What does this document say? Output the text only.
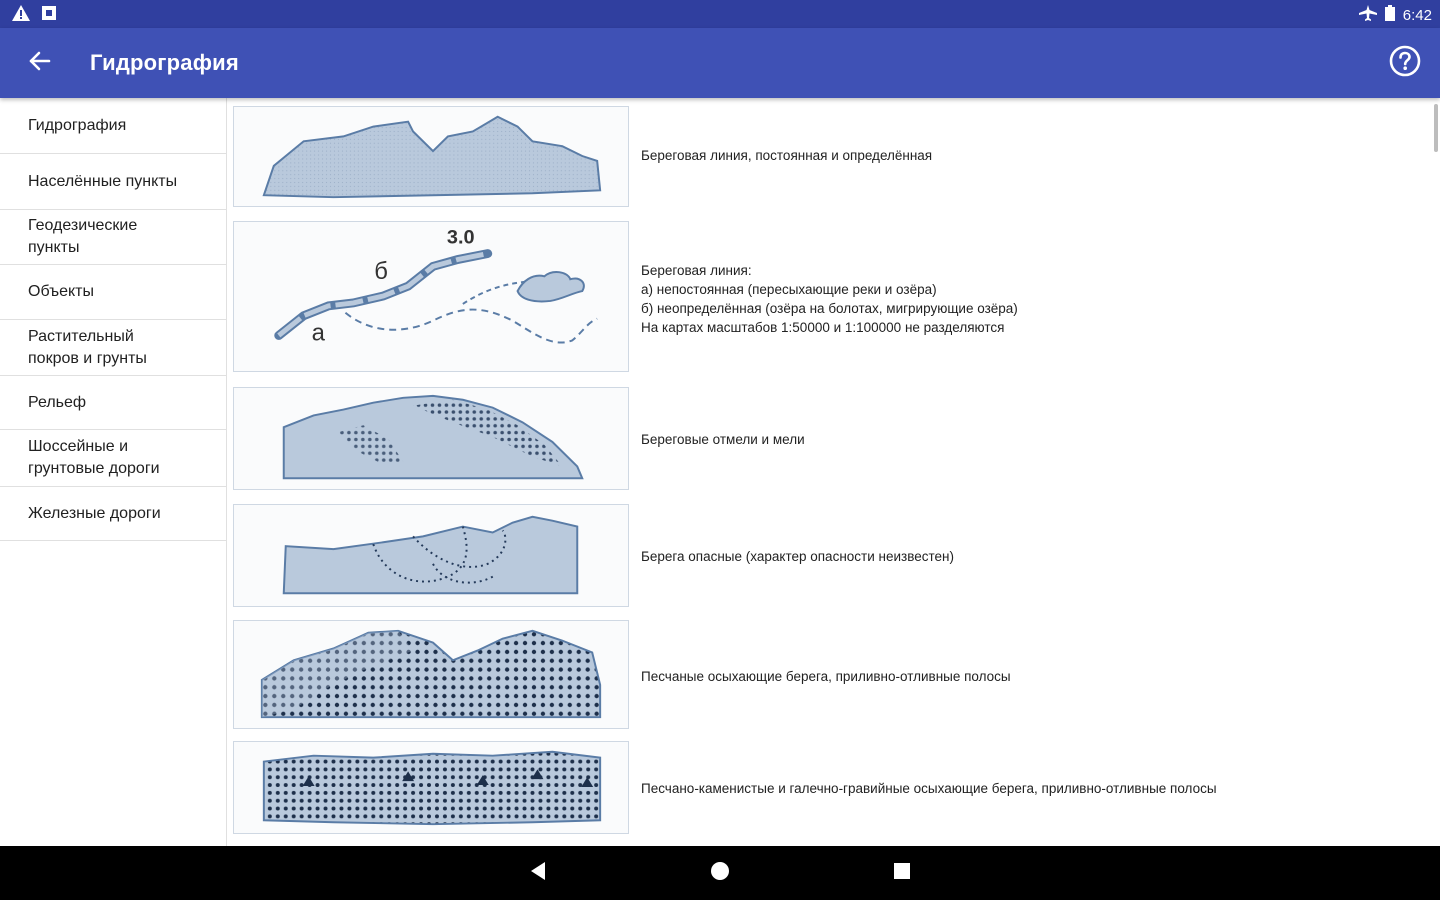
6:42
Гидрография
Гидрография
Населённые пункты
Геодезические пункты
Объекты
Растительный покров и грунты
Рельеф
Шоссейные и грунтовые дороги
Железные дороги
Береговая линия, постоянная и определённая
а
б
3.0
Береговая линия:
а) непостоянная (пересыхающие реки и озёра)
б) неопределённая (озёра на болотах, мигрирующие озёра)
На картах масштабов 1:50000 и 1:100000 не разделяются
Береговые отмели и мели
Берега опасные (характер опасности неизвестен)
Песчаные осыхающие берега, приливно-отливные полосы
Песчано-каменистые и галечно-гравийные осыхающие берега, приливно-отливные полосы
